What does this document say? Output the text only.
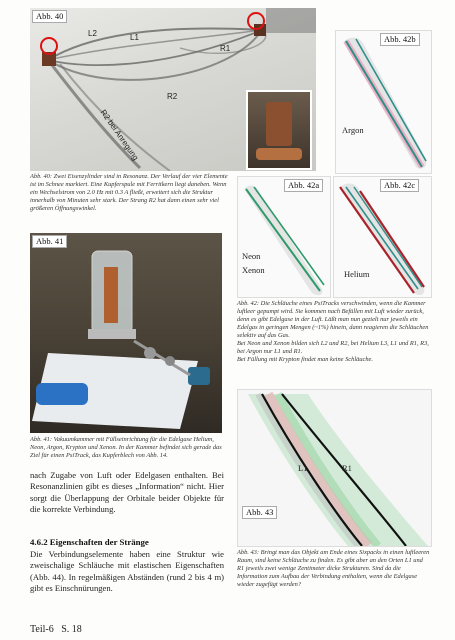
Abb. 40
L2	L1
R1
R2
R2 bei Anregung
Abb. 40: Zwei Eisenzylinder sind in Resonanz. Der Verlauf der vier Elemente ist im Schnee markiert. Eine Kupferspule mit Ferritkern liegt daneben. Wenn ein Wechselstrom von 2.0 Hz mit 0.3 A fließt, erweitert sich die Struktur innerhalb von Minuten sehr stark. Der Strang R2 hat dann einen sehr viel größeren Öffnungswinkel.
Abb. 42b
Argon
Abb. 42a
Neon
Xenon
Abb. 42c
Helium
Abb. 42: Die Schläuche eines PsiTracks verschwinden, wenn die Kammer luftleer gepumpt wird. Sie kommen nach Befüllen mit Luft wieder zurück, denn es gibt Edelgase in der Luft. Läßt man nun gezielt nur jeweils ein Edelgas in geringen Mengen (~1%) hinein, dann reagieren die Schläuchen selektiv auf das Gas.
Bei Neon und Xenon bilden sich L2 und R2, bei Helium L3, L1 und R1, R3, bei Argon nur L1 und R1.
Bei Füllung mit Krypton findet man keine Schläuche.
Abb. 41
Abb. 41: Vakuumkammer mit Füllseinrichtung für die Edelgase Helium, Neon, Argon, Krypton und Xenon. In der Kammer befindet sich gerade das Ziel für einen PsiTrack, das Kupferblech von Abb. 14.
nach Zugabe von Luft oder Edelgasen enthalten. Bei Resonanzlinien gibt es dieses „Information“ nicht. Hier sorgt die Überlappung der Orbitale beider Objekte für die korrekte Verbindung.
4.6.2 Eigenschaften der Stränge
Die Verbindungselemente haben eine Struktur wie zweischalige Schläuche mit elastischen Eigenschaften (Abb. 44). In regelmäßigen Abständen (rund 2 bis 4 m) gibt es Einschnürungen.
Abb. 43
L1	R1
Abb. 43: Bringt man das Objekt am Ende eines Sixpacks in einen luftleeren Raum, sind keine Schläuche zu finden. Es gibt aber an den Orten L1 und R1 jeweils zwei wenige Zentimeter dicke Strukturen. Sind da die Information zum Aufbau der Verbindung enthalten, wenn die Edelgase wieder zugefügt werden?
Teil-6   S. 18
